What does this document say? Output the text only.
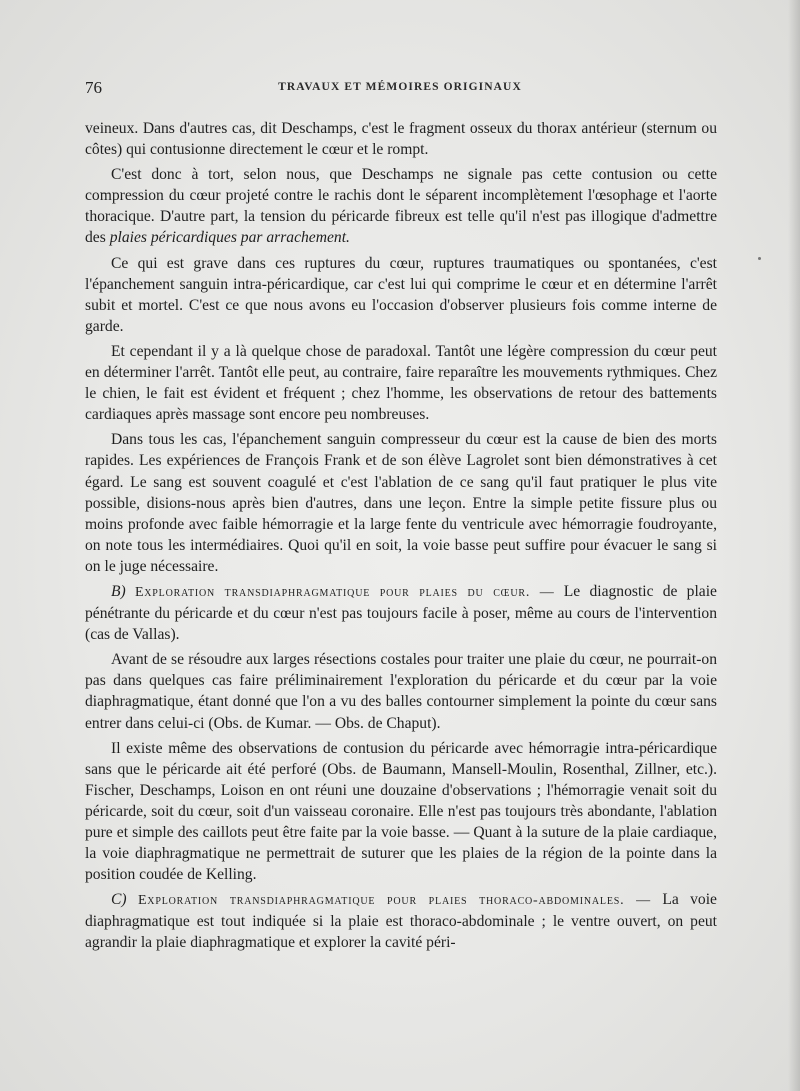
76	TRAVAUX ET MÉMOIRES ORIGINAUX

veineux. Dans d'autres cas, dit Deschamps, c'est le fragment osseux du thorax antérieur (sternum ou côtes) qui contusionne directement le cœur et le rompt.

C'est donc à tort, selon nous, que Deschamps ne signale pas cette contusion ou cette compression du cœur projeté contre le rachis dont le séparent incomplètement l'œsophage et l'aorte thoracique. D'autre part, la tension du péricarde fibreux est telle qu'il n'est pas illogique d'admettre des plaies péricardiques par arrachement.

Ce qui est grave dans ces ruptures du cœur, ruptures traumatiques ou spontanées, c'est l'épanchement sanguin intra-péricardique, car c'est lui qui comprime le cœur et en détermine l'arrêt subit et mortel. C'est ce que nous avons eu l'occasion d'observer plusieurs fois comme interne de garde.

Et cependant il y a là quelque chose de paradoxal. Tantôt une légère compression du cœur peut en déterminer l'arrêt. Tantôt elle peut, au contraire, faire reparaître les mouvements rythmiques. Chez le chien, le fait est évident et fréquent ; chez l'homme, les observations de retour des battements cardiaques après massage sont encore peu nombreuses.

Dans tous les cas, l'épanchement sanguin compresseur du cœur est la cause de bien des morts rapides. Les expériences de François Frank et de son élève Lagrolet sont bien démonstratives à cet égard. Le sang est souvent coagulé et c'est l'ablation de ce sang qu'il faut pratiquer le plus vite possible, disions-nous après bien d'autres, dans une leçon. Entre la simple petite fissure plus ou moins profonde avec faible hémorragie et la large fente du ventricule avec hémorragie foudroyante, on note tous les intermédiaires. Quoi qu'il en soit, la voie basse peut suffire pour évacuer le sang si on le juge nécessaire.

B) Exploration transdiaphragmatique pour plaies du cœur. — Le diagnostic de plaie pénétrante du péricarde et du cœur n'est pas toujours facile à poser, même au cours de l'intervention (cas de Vallas).

Avant de se résoudre aux larges résections costales pour traiter une plaie du cœur, ne pourrait-on pas dans quelques cas faire préliminairement l'exploration du péricarde et du cœur par la voie diaphragmatique, étant donné que l'on a vu des balles contourner simplement la pointe du cœur sans entrer dans celui-ci (Obs. de Kumar. — Obs. de Chaput).

Il existe même des observations de contusion du péricarde avec hémorragie intra-péricardique sans que le péricarde ait été perforé (Obs. de Baumann, Mansell-Moulin, Rosenthal, Zillner, etc.). Fischer, Deschamps, Loison en ont réuni une douzaine d'observations ; l'hémorragie venait soit du péricarde, soit du cœur, soit d'un vaisseau coronaire. Elle n'est pas toujours très abondante, l'ablation pure et simple des caillots peut être faite par la voie basse. — Quant à la suture de la plaie cardiaque, la voie diaphragmatique ne permettrait de suturer que les plaies de la région de la pointe dans la position coudée de Kelling.

C) Exploration transdiaphragmatique pour plaies thoraco-abdominales. — La voie diaphragmatique est tout indiquée si la plaie est thoraco-abdominale ; le ventre ouvert, on peut agrandir la plaie diaphragmatique et explorer la cavité péri-
